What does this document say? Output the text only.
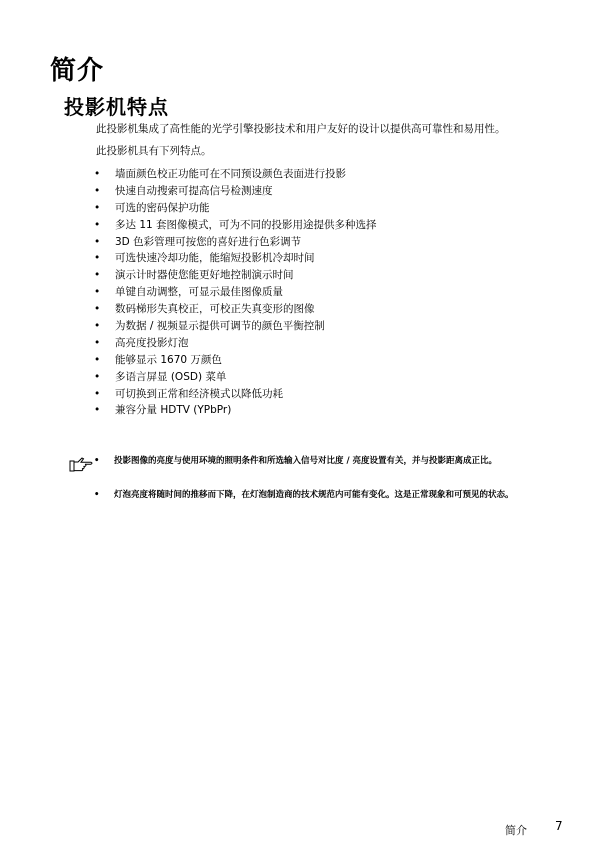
简介
投影机特点

此投影机集成了高性能的光学引擎投影技术和用户友好的设计以提供高可靠性和易用性。

此投影机具有下列特点。

• 墙面颜色校正功能可在不同预设颜色表面进行投影
• 快速自动搜索可提高信号检测速度
• 可选的密码保护功能
• 多达 11 套图像模式，可为不同的投影用途提供多种选择
• 3D 色彩管理可按您的喜好进行色彩调节
• 可选快速冷却功能，能缩短投影机冷却时间
• 演示计时器使您能更好地控制演示时间
• 单键自动调整，可显示最佳图像质量
• 数码梯形失真校正，可校正失真变形的图像
• 为数据 / 视频显示提供可调节的颜色平衡控制
• 高亮度投影灯泡
• 能够显示 1670 万颜色
• 多语言屏显 (OSD) 菜单
• 可切换到正常和经济模式以降低功耗
• 兼容分量 HDTV (YPbPr)
• 投影图像的亮度与使用环境的照明条件和所选输入信号对比度 / 亮度设置有关，并与投影距离成正比。
• 灯泡亮度将随时间的推移而下降，在灯泡制造商的技术规范内可能有变化。这是正常现象和可预见的状态。
简介 7
